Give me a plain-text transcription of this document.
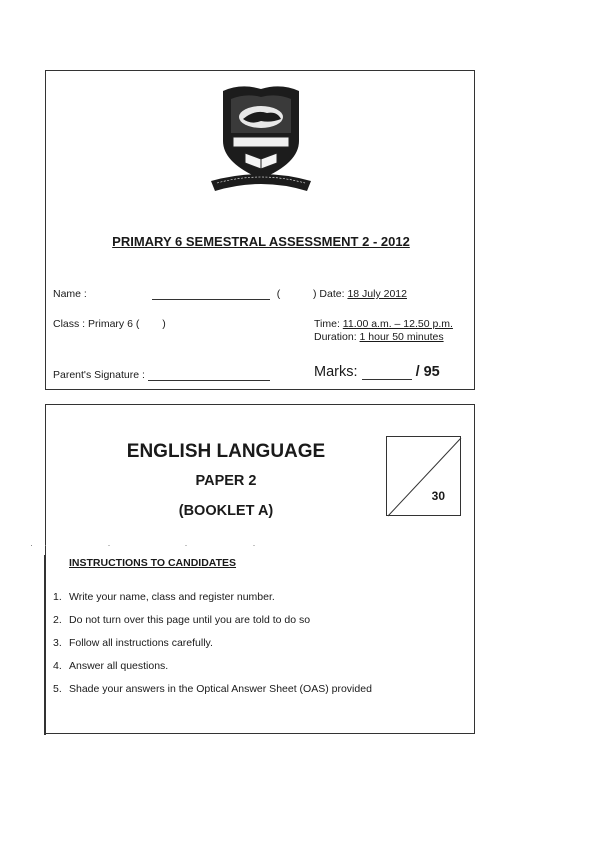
PRIMARY 6 SEMESTRAL ASSESSMENT 2 - 2012
Name :	(	) Date: 18 July 2012
Class : Primary 6 ( )	Time: 11.00 a.m. – 12.50 p.m.
Duration: 1 hour 50 minutes
Parent's Signature :	Marks:	/ 95
ENGLISH LANGUAGE
PAPER 2
(BOOKLET A)
30
INSTRUCTIONS TO CANDIDATES
1. Write your name, class and register number.
2. Do not turn over this page until you are told to do so
3. Follow all instructions carefully.
4. Answer all questions.
5. Shade your answers in the Optical Answer Sheet (OAS) provided
·  ·             ·                ·              ·
